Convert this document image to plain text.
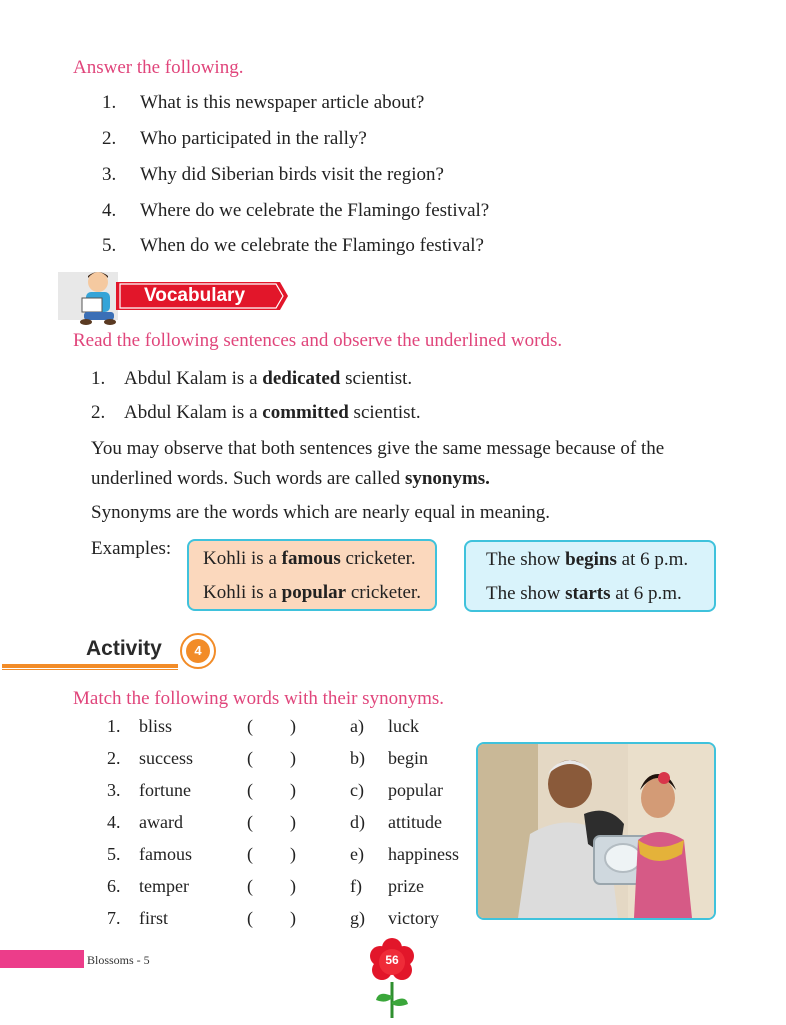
Answer the following.
1. What is this newspaper article about?
2. Who participated in the rally?
3. Why did Siberian birds visit the region?
4. Where do we celebrate the Flamingo festival?
5. When do we celebrate the Flamingo festival?
Vocabulary
Read the following sentences and observe the underlined words.
1. Abdul Kalam is a dedicated scientist.
2. Abdul Kalam is a committed scientist.
You may observe that both sentences give the same message because of the
underlined words. Such words are called synonyms.
Synonyms are the words which are nearly equal in meaning.
Examples: Kohli is a famous cricketer.
Kohli is a popular cricketer.
The show begins at 6 p.m.
The show starts at 6 p.m.
Activity	4
Match the following words with their synonyms.
1. bliss	( )	a) luck
2. success	( )	b) begin
3. fortune	( )	c) popular
4. award	( )	d) attitude
5. famous	( )	e) happiness
6. temper	( )	f) prize
7. first	( )	g) victory
Blossoms - 5	56
